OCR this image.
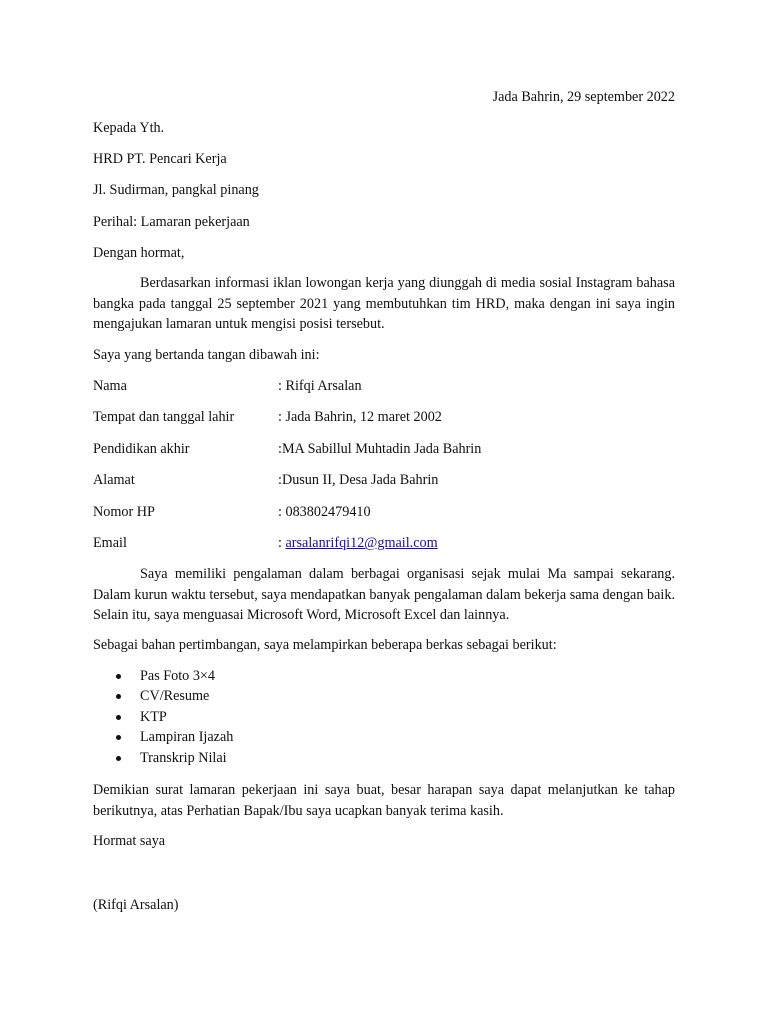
Jada Bahrin, 29 september 2022
Kepada Yth.
HRD PT. Pencari Kerja
Jl. Sudirman, pangkal pinang
Perihal: Lamaran pekerjaan
Dengan hormat,
Berdasarkan informasi iklan lowongan kerja yang diunggah di media sosial Instagram bahasa bangka pada tanggal 25 september 2021 yang membutuhkan tim HRD, maka dengan ini saya ingin mengajukan lamaran untuk mengisi posisi tersebut.
Saya yang bertanda tangan dibawah ini:
Nama	: Rifqi Arsalan
Tempat dan tanggal lahir	: Jada Bahrin, 12 maret 2002
Pendidikan akhir	:MA Sabillul Muhtadin Jada Bahrin
Alamat	:Dusun II, Desa Jada Bahrin
Nomor HP	: 083802479410
Email	: arsalanrifqi12@gmail.com
Saya memiliki pengalaman dalam berbagai organisasi sejak mulai Ma sampai sekarang. Dalam kurun waktu tersebut, saya mendapatkan banyak pengalaman dalam bekerja sama dengan baik. Selain itu, saya menguasai Microsoft Word, Microsoft Excel dan lainnya.
Sebagai bahan pertimbangan, saya melampirkan beberapa berkas sebagai berikut:
Pas Foto 3×4
CV/Resume
KTP
Lampiran Ijazah
Transkrip Nilai
Demikian surat lamaran pekerjaan ini saya buat, besar harapan saya dapat melanjutkan ke tahap berikutnya, atas Perhatian Bapak/Ibu saya ucapkan banyak terima kasih.
Hormat saya
(Rifqi Arsalan)
